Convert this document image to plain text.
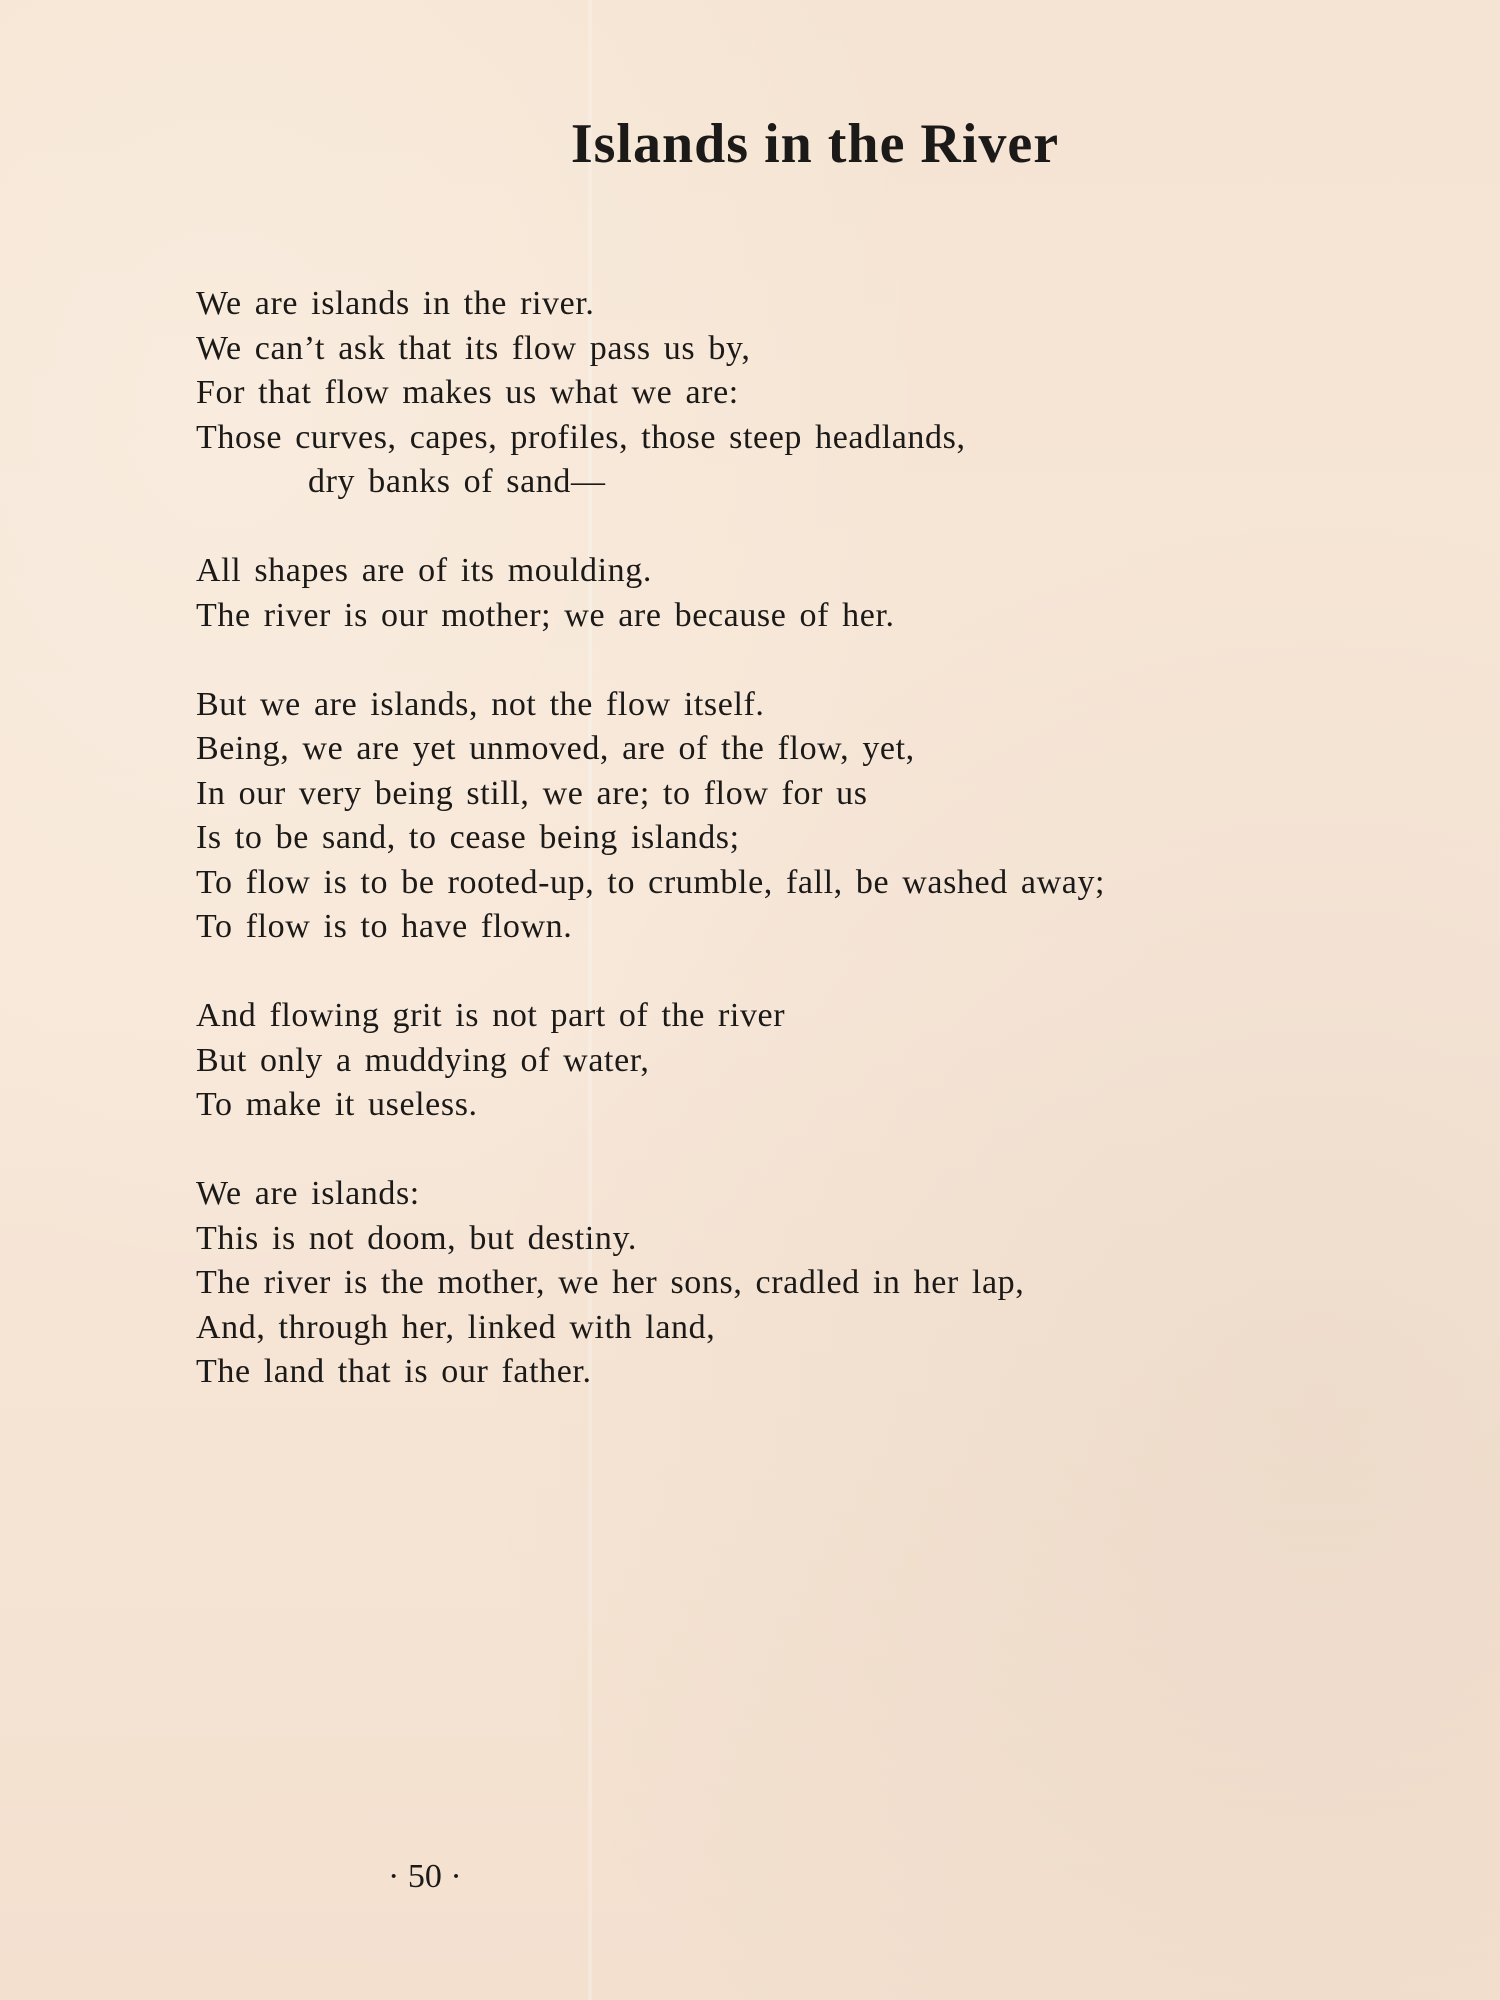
Islands in the River
We are islands in the river.
We can’t ask that its flow pass us by,
For that flow makes us what we are:
Those curves, capes, profiles, those steep headlands,
dry banks of sand—
All shapes are of its moulding.
The river is our mother; we are because of her.
But we are islands, not the flow itself.
Being, we are yet unmoved, are of the flow, yet,
In our very being still, we are; to flow for us
Is to be sand, to cease being islands;
To flow is to be rooted-up, to crumble, fall, be washed away;
To flow is to have flown.
And flowing grit is not part of the river
But only a muddying of water,
To make it useless.
We are islands:
This is not doom, but destiny.
The river is the mother, we her sons, cradled in her lap,
And, through her, linked with land,
The land that is our father.
· 50 ·
